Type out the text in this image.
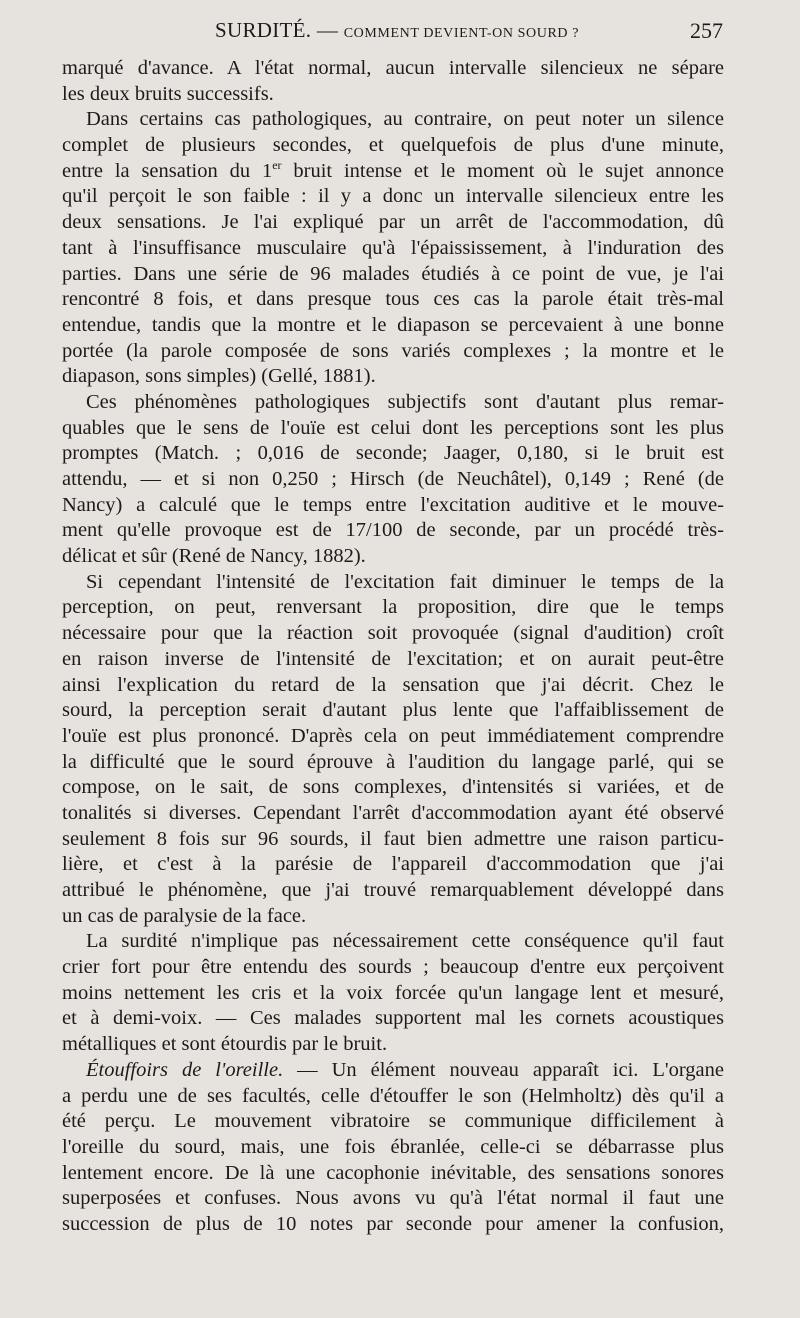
SURDITÉ. — COMMENT DEVIENT-ON SOURD ?	257
marqué d'avance. A l'état normal, aucun intervalle silencieux ne sépare
les deux bruits successifs.
Dans certains cas pathologiques, au contraire, on peut noter un silence
complet de plusieurs secondes, et quelquefois de plus d'une minute,
entre la sensation du 1er bruit intense et le moment où le sujet annonce
qu'il perçoit le son faible : il y a donc un intervalle silencieux entre les
deux sensations. Je l'ai expliqué par un arrêt de l'accommodation, dû
tant à l'insuffisance musculaire qu'à l'épaississement, à l'induration des
parties. Dans une série de 96 malades étudiés à ce point de vue, je l'ai
rencontré 8 fois, et dans presque tous ces cas la parole était très-mal
entendue, tandis que la montre et le diapason se percevaient à une bonne
portée (la parole composée de sons variés complexes ; la montre et le
diapason, sons simples) (Gellé, 1881).
Ces phénomènes pathologiques subjectifs sont d'autant plus remar-
quables que le sens de l'ouïe est celui dont les perceptions sont les plus
promptes (Match. ; 0,016 de seconde; Jaager, 0,180, si le bruit est
attendu, — et si non 0,250 ; Hirsch (de Neuchâtel), 0,149 ; René (de
Nancy) a calculé que le temps entre l'excitation auditive et le mouve-
ment qu'elle provoque est de 17/100 de seconde, par un procédé très-
délicat et sûr (René de Nancy, 1882).
Si cependant l'intensité de l'excitation fait diminuer le temps de la
perception, on peut, renversant la proposition, dire que le temps
nécessaire pour que la réaction soit provoquée (signal d'audition) croît
en raison inverse de l'intensité de l'excitation; et on aurait peut-être
ainsi l'explication du retard de la sensation que j'ai décrit. Chez le
sourd, la perception serait d'autant plus lente que l'affaiblissement de
l'ouïe est plus prononcé. D'après cela on peut immédiatement comprendre
la difficulté que le sourd éprouve à l'audition du langage parlé, qui se
compose, on le sait, de sons complexes, d'intensités si variées, et de
tonalités si diverses. Cependant l'arrêt d'accommodation ayant été observé
seulement 8 fois sur 96 sourds, il faut bien admettre une raison particu-
lière, et c'est à la parésie de l'appareil d'accommodation que j'ai
attribué le phénomène, que j'ai trouvé remarquablement développé dans
un cas de paralysie de la face.
La surdité n'implique pas nécessairement cette conséquence qu'il faut
crier fort pour être entendu des sourds ; beaucoup d'entre eux perçoivent
moins nettement les cris et la voix forcée qu'un langage lent et mesuré,
et à demi-voix. — Ces malades supportent mal les cornets acoustiques
métalliques et sont étourdis par le bruit.
Étouffoirs de l'oreille. — Un élément nouveau apparaît ici. L'organe
a perdu une de ses facultés, celle d'étouffer le son (Helmholtz) dès qu'il a
été perçu. Le mouvement vibratoire se communique difficilement à
l'oreille du sourd, mais, une fois ébranlée, celle-ci se débarrasse plus
lentement encore. De là une cacophonie inévitable, des sensations sonores
superposées et confuses. Nous avons vu qu'à l'état normal il faut une
succession de plus de 10 notes par seconde pour amener la confusion,
